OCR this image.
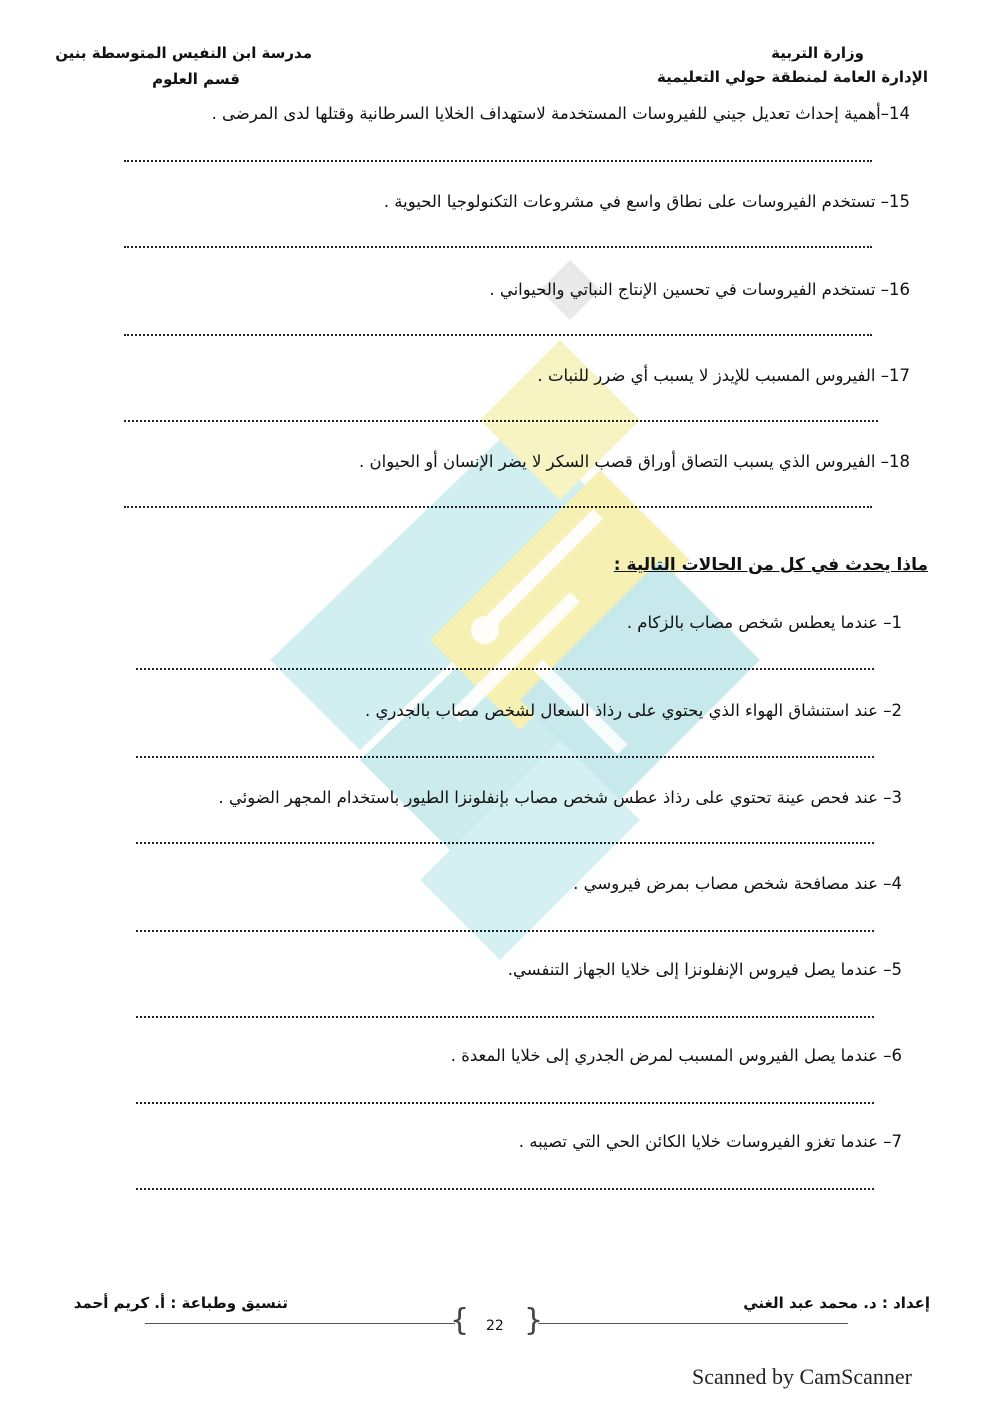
وزارة التربية
الإدارة العامة لمنطقة حولي التعليمية
مدرسة ابن النفيس المتوسطة بنين
قسم العلوم
14–أهمية إحداث تعديل جيني للفيروسات المستخدمة لاستهداف الخلايا السرطانية وقتلها لدى المرضى .
15– تستخدم الفيروسات على نطاق واسع في مشروعات التكنولوجيا الحيوية .
16– تستخدم الفيروسات في تحسين الإنتاج النباتي والحيواني .
17– الفيروس المسبب للإيدز لا يسبب أي ضرر للنبات .
18– الفيروس الذي يسبب التصاق أوراق قصب السكر لا يضر الإنسان أو الحيوان .
ماذا يحدث في كل من الحالات التالية :
1– عندما يعطس شخص مصاب بالزكام .
2– عند استنشاق الهواء الذي يحتوي على رذاذ السعال لشخص مصاب بالجدري .
3– عند فحص عينة تحتوي على رذاذ عطس شخص مصاب بإنفلونزا الطيور باستخدام المجهر الضوئي .
4– عند مصافحة شخص مصاب بمرض فيروسي .
5– عندما يصل فيروس الإنفلونزا إلى خلايا الجهاز التنفسي.
6– عندما يصل الفيروس المسبب لمرض الجدري إلى خلايا المعدة .
7– عندما تغزو الفيروسات خلايا الكائن الحي التي تصيبه .
إعداد : د. محمد عبد الغني
تنسيق وطباعة : أ. كريم أحمد	{ }
22
Scanned by CamScanner
